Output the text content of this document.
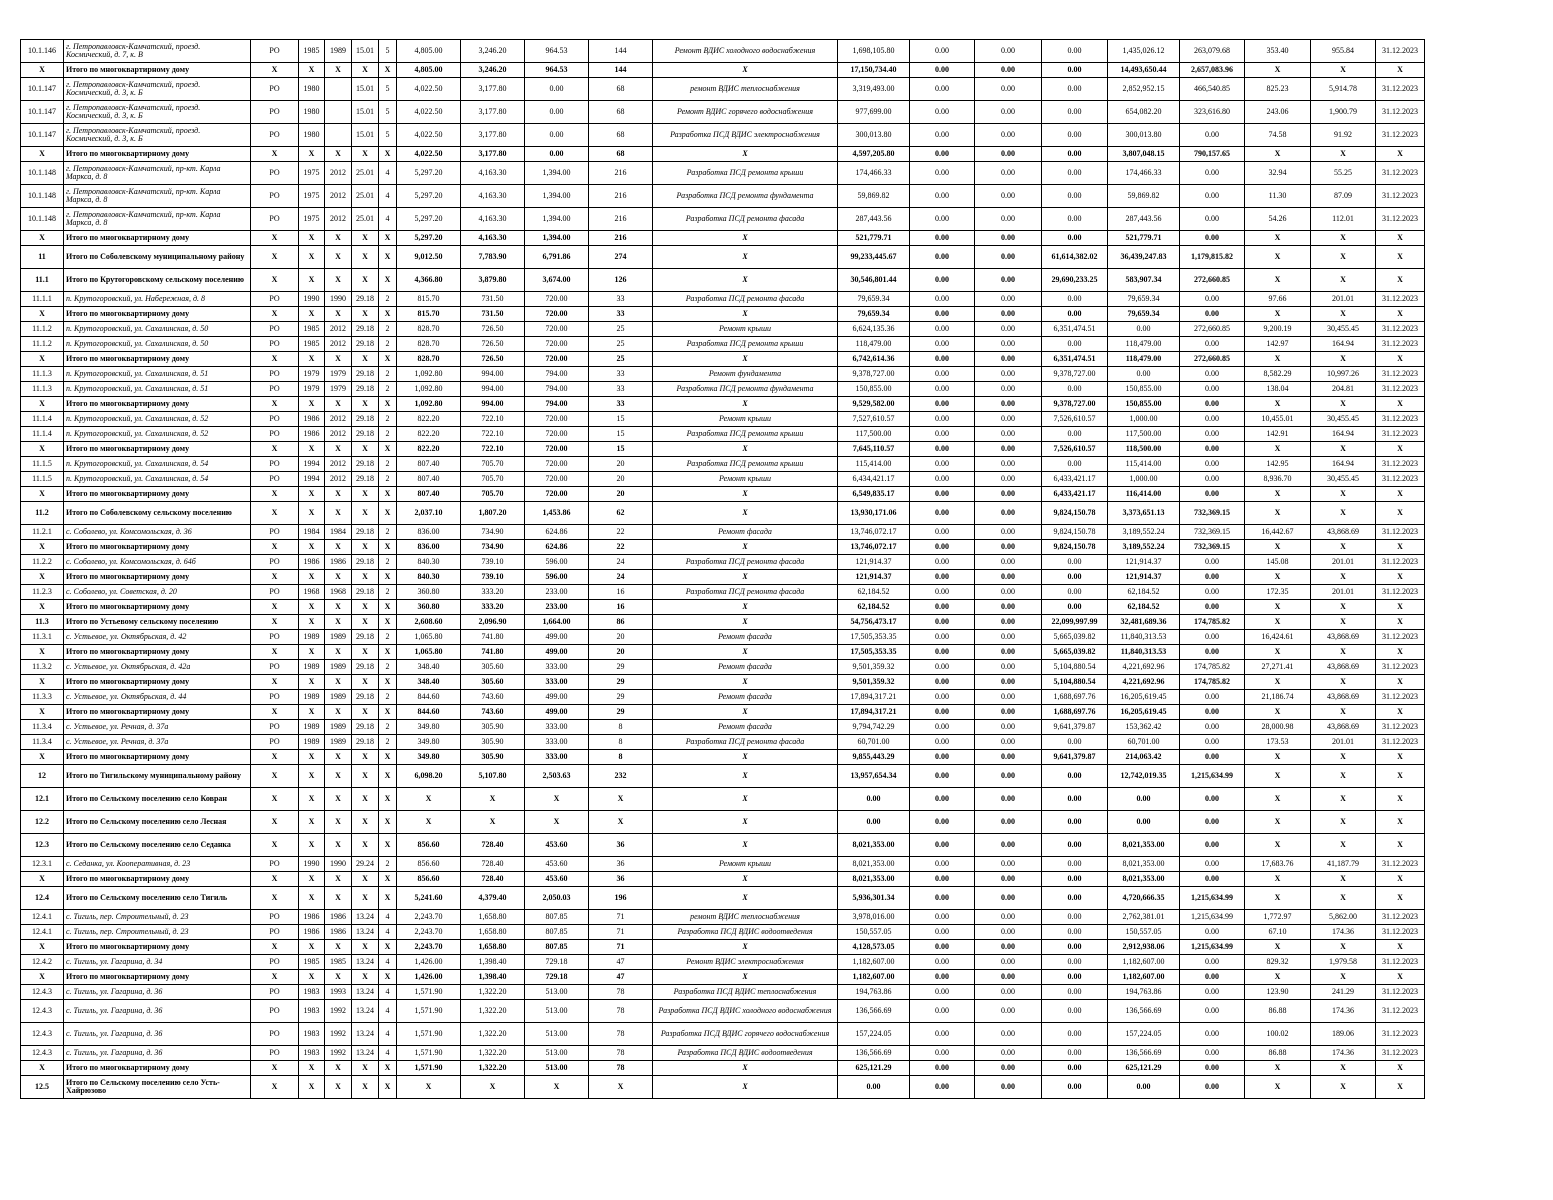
10.1.146	г. Петропавловск-Камчатский, проезд. Космический, д. 7, к. В	РО	1985	1989	15.01	5	4,805.00	3,246.20	964.53	144	Ремонт ВДИС холодного водоснабжения	1,698,105.80	0.00	0.00	0.00	1,435,026.12	263,079.68	353.40	955.84	31.12.2023
X	Итого по многоквартирному дому	X	X	X	X	X	4,805.00	3,246.20	964.53	144	X	17,150,734.40	0.00	0.00	0.00	14,493,650.44	2,657,083.96	X	X	X
10.1.147	г. Петропавловск-Камчатский, проезд. Космический, д. 3, к. Б	РО	1980		15.01	5	4,022.50	3,177.80	0.00	68	ремонт ВДИС теплоснабжения	3,319,493.00	0.00	0.00	0.00	2,852,952.15	466,540.85	825.23	5,914.78	31.12.2023
10.1.147	г. Петропавловск-Камчатский, проезд. Космический, д. 3, к. Б	РО	1980		15.01	5	4,022.50	3,177.80	0.00	68	Ремонт ВДИС горячего водоснабжения	977,699.00	0.00	0.00	0.00	654,082.20	323,616.80	243.06	1,900.79	31.12.2023
10.1.147	г. Петропавловск-Камчатский, проезд. Космический, д. 3, к. Б	РО	1980		15.01	5	4,022.50	3,177.80	0.00	68	Разработка ПСД ВДИС электроснабжения	300,013.80	0.00	0.00	0.00	300,013.80	0.00	74.58	91.92	31.12.2023
X	Итого по многоквартирному дому	X	X	X	X	X	4,022.50	3,177.80	0.00	68	X	4,597,205.80	0.00	0.00	0.00	3,807,048.15	790,157.65	X	X	X
10.1.148	г. Петропавловск-Камчатский, пр-кт. Карла Маркса, д. 8	РО	1975	2012	25.01	4	5,297.20	4,163.30	1,394.00	216	Разработка ПСД ремонта крыши	174,466.33	0.00	0.00	0.00	174,466.33	0.00	32.94	55.25	31.12.2023
10.1.148	г. Петропавловск-Камчатский, пр-кт. Карла Маркса, д. 8	РО	1975	2012	25.01	4	5,297.20	4,163.30	1,394.00	216	Разработка ПСД ремонта фундамента	59,869.82	0.00	0.00	0.00	59,869.82	0.00	11.30	87.09	31.12.2023
10.1.148	г. Петропавловск-Камчатский, пр-кт. Карла Маркса, д. 8	РО	1975	2012	25.01	4	5,297.20	4,163.30	1,394.00	216	Разработка ПСД ремонта фасада	287,443.56	0.00	0.00	0.00	287,443.56	0.00	54.26	112.01	31.12.2023
X	Итого по многоквартирному дому	X	X	X	X	X	5,297.20	4,163.30	1,394.00	216	X	521,779.71	0.00	0.00	0.00	521,779.71	0.00	X	X	X
11	Итого по Соболевскому муниципальному району	X	X	X	X	X	9,012.50	7,783.90	6,791.86	274	X	99,233,445.67	0.00	0.00	61,614,382.02	36,439,247.83	1,179,815.82	X	X	X
11.1	Итого по Крутогоровскому сельскому поселению	X	X	X	X	X	4,366.80	3,879.80	3,674.00	126	X	30,546,801.44	0.00	0.00	29,690,233.25	583,907.34	272,660.85	X	X	X
11.1.1	п. Крутогоровский, ул. Набережная, д. 8	РО	1990	1990	29.18	2	815.70	731.50	720.00	33	Разработка ПСД ремонта фасада	79,659.34	0.00	0.00	0.00	79,659.34	0.00	97.66	201.01	31.12.2023
X	Итого по многоквартирному дому	X	X	X	X	X	815.70	731.50	720.00	33	X	79,659.34	0.00	0.00	0.00	79,659.34	0.00	X	X	X
11.1.2	п. Крутогоровский, ул. Сахалинская, д. 50	РО	1985	2012	29.18	2	828.70	726.50	720.00	25	Ремонт крыши	6,624,135.36	0.00	0.00	6,351,474.51	0.00	272,660.85	9,200.19	30,455.45	31.12.2023
11.1.2	п. Крутогоровский, ул. Сахалинская, д. 50	РО	1985	2012	29.18	2	828.70	726.50	720.00	25	Разработка ПСД ремонта крыши	118,479.00	0.00	0.00	0.00	118,479.00	0.00	142.97	164.94	31.12.2023
X	Итого по многоквартирному дому	X	X	X	X	X	828.70	726.50	720.00	25	X	6,742,614.36	0.00	0.00	6,351,474.51	118,479.00	272,660.85	X	X	X
11.1.3	п. Крутогоровский, ул. Сахалинская, д. 51	РО	1979	1979	29.18	2	1,092.80	994.00	794.00	33	Ремонт фундамента	9,378,727.00	0.00	0.00	9,378,727.00	0.00	0.00	8,582.29	10,997.26	31.12.2023
11.1.3	п. Крутогоровский, ул. Сахалинская, д. 51	РО	1979	1979	29.18	2	1,092.80	994.00	794.00	33	Разработка ПСД ремонта фундамента	150,855.00	0.00	0.00	0.00	150,855.00	0.00	138.04	204.81	31.12.2023
X	Итого по многоквартирному дому	X	X	X	X	X	1,092.80	994.00	794.00	33	X	9,529,582.00	0.00	0.00	9,378,727.00	150,855.00	0.00	X	X	X
11.1.4	п. Крутогоровский, ул. Сахалинская, д. 52	РО	1986	2012	29.18	2	822.20	722.10	720.00	15	Ремонт крыши	7,527,610.57	0.00	0.00	7,526,610.57	1,000.00	0.00	10,455.01	30,455.45	31.12.2023
11.1.4	п. Крутогоровский, ул. Сахалинская, д. 52	РО	1986	2012	29.18	2	822.20	722.10	720.00	15	Разработка ПСД ремонта крыши	117,500.00	0.00	0.00	0.00	117,500.00	0.00	142.91	164.94	31.12.2023
X	Итого по многоквартирному дому	X	X	X	X	X	822.20	722.10	720.00	15	X	7,645,110.57	0.00	0.00	7,526,610.57	118,500.00	0.00	X	X	X
11.1.5	п. Крутогоровский, ул. Сахалинская, д. 54	РО	1994	2012	29.18	2	807.40	705.70	720.00	20	Разработка ПСД ремонта крыши	115,414.00	0.00	0.00	0.00	115,414.00	0.00	142.95	164.94	31.12.2023
11.1.5	п. Крутогоровский, ул. Сахалинская, д. 54	РО	1994	2012	29.18	2	807.40	705.70	720.00	20	Ремонт крыши	6,434,421.17	0.00	0.00	6,433,421.17	1,000.00	0.00	8,936.70	30,455.45	31.12.2023
X	Итого по многоквартирному дому	X	X	X	X	X	807.40	705.70	720.00	20	X	6,549,835.17	0.00	0.00	6,433,421.17	116,414.00	0.00	X	X	X
11.2	Итого по Соболевскому сельскому поселению	X	X	X	X	X	2,037.10	1,807.20	1,453.86	62	X	13,930,171.06	0.00	0.00	9,824,150.78	3,373,651.13	732,369.15	X	X	X
11.2.1	с. Соболево, ул. Комсомольская, д. 36	РО	1984	1984	29.18	2	836.00	734.90	624.86	22	Ремонт фасада	13,746,072.17	0.00	0.00	9,824,150.78	3,189,552.24	732,369.15	16,442.67	43,868.69	31.12.2023
X	Итого по многоквартирному дому	X	X	X	X	X	836.00	734.90	624.86	22	X	13,746,072.17	0.00	0.00	9,824,150.78	3,189,552.24	732,369.15	X	X	X
11.2.2	с. Соболево, ул. Комсомольская, д. 64б	РО	1986	1986	29.18	2	840.30	739.10	596.00	24	Разработка ПСД ремонта фасада	121,914.37	0.00	0.00	0.00	121,914.37	0.00	145.08	201.01	31.12.2023
X	Итого по многоквартирному дому	X	X	X	X	X	840.30	739.10	596.00	24	X	121,914.37	0.00	0.00	0.00	121,914.37	0.00	X	X	X
11.2.3	с. Соболево, ул. Советская, д. 20	РО	1968	1968	29.18	2	360.80	333.20	233.00	16	Разработка ПСД ремонта фасада	62,184.52	0.00	0.00	0.00	62,184.52	0.00	172.35	201.01	31.12.2023
X	Итого по многоквартирному дому	X	X	X	X	X	360.80	333.20	233.00	16	X	62,184.52	0.00	0.00	0.00	62,184.52	0.00	X	X	X
11.3	Итого по Устьевому сельскому поселению	X	X	X	X	X	2,608.60	2,096.90	1,664.00	86	X	54,756,473.17	0.00	0.00	22,099,997.99	32,481,689.36	174,785.82	X	X	X
11.3.1	с. Устьевое, ул. Октябрьская, д. 42	РО	1989	1989	29.18	2	1,065.80	741.80	499.00	20	Ремонт фасада	17,505,353.35	0.00	0.00	5,665,039.82	11,840,313.53	0.00	16,424.61	43,868.69	31.12.2023
X	Итого по многоквартирному дому	X	X	X	X	X	1,065.80	741.80	499.00	20	X	17,505,353.35	0.00	0.00	5,665,039.82	11,840,313.53	0.00	X	X	X
11.3.2	с. Устьевое, ул. Октябрьская, д. 42а	РО	1989	1989	29.18	2	348.40	305.60	333.00	29	Ремонт фасада	9,501,359.32	0.00	0.00	5,104,880.54	4,221,692.96	174,785.82	27,271.41	43,868.69	31.12.2023
X	Итого по многоквартирному дому	X	X	X	X	X	348.40	305.60	333.00	29	X	9,501,359.32	0.00	0.00	5,104,880.54	4,221,692.96	174,785.82	X	X	X
11.3.3	с. Устьевое, ул. Октябрьская, д. 44	РО	1989	1989	29.18	2	844.60	743.60	499.00	29	Ремонт фасада	17,894,317.21	0.00	0.00	1,688,697.76	16,205,619.45	0.00	21,186.74	43,868.69	31.12.2023
X	Итого по многоквартирному дому	X	X	X	X	X	844.60	743.60	499.00	29	X	17,894,317.21	0.00	0.00	1,688,697.76	16,205,619.45	0.00	X	X	X
11.3.4	с. Устьевое, ул. Речная, д. 37а	РО	1989	1989	29.18	2	349.80	305.90	333.00	8	Ремонт фасада	9,794,742.29	0.00	0.00	9,641,379.87	153,362.42	0.00	28,000.98	43,868.69	31.12.2023
11.3.4	с. Устьевое, ул. Речная, д. 37а	РО	1989	1989	29.18	2	349.80	305.90	333.00	8	Разработка ПСД ремонта фасада	60,701.00	0.00	0.00	0.00	60,701.00	0.00	173.53	201.01	31.12.2023
X	Итого по многоквартирному дому	X	X	X	X	X	349.80	305.90	333.00	8	X	9,855,443.29	0.00	0.00	9,641,379.87	214,063.42	0.00	X	X	X
12	Итого по Тигильскому муниципальному району	X	X	X	X	X	6,098.20	5,107.80	2,503.63	232	X	13,957,654.34	0.00	0.00	0.00	12,742,019.35	1,215,634.99	X	X	X
12.1	Итого по Сельскому поселению село Ковран	X	X	X	X	X	X	X	X	X	X	0.00	0.00	0.00	0.00	0.00	0.00	X	X	X
12.2	Итого по Сельскому поселению село Лесная	X	X	X	X	X	X	X	X	X	X	0.00	0.00	0.00	0.00	0.00	0.00	X	X	X
12.3	Итого по Сельскому поселению село Седанка	X	X	X	X	X	856.60	728.40	453.60	36	X	8,021,353.00	0.00	0.00	0.00	8,021,353.00	0.00	X	X	X
12.3.1	с. Седанка, ул. Кооперативная, д. 23	РО	1990	1990	29.24	2	856.60	728.40	453.60	36	Ремонт крыши	8,021,353.00	0.00	0.00	0.00	8,021,353.00	0.00	17,683.76	41,187.79	31.12.2023
X	Итого по многоквартирному дому	X	X	X	X	X	856.60	728.40	453.60	36	X	8,021,353.00	0.00	0.00	0.00	8,021,353.00	0.00	X	X	X
12.4	Итого по Сельскому поселению село Тигиль	X	X	X	X	X	5,241.60	4,379.40	2,050.03	196	X	5,936,301.34	0.00	0.00	0.00	4,720,666.35	1,215,634.99	X	X	X
12.4.1	с. Тигиль, пер. Строительный, д. 23	РО	1986	1986	13.24	4	2,243.70	1,658.80	807.85	71	ремонт ВДИС теплоснабжения	3,978,016.00	0.00	0.00	0.00	2,762,381.01	1,215,634.99	1,772.97	5,862.00	31.12.2023
12.4.1	с. Тигиль, пер. Строительный, д. 23	РО	1986	1986	13.24	4	2,243.70	1,658.80	807.85	71	Разработка ПСД ВДИС водоотведения	150,557.05	0.00	0.00	0.00	150,557.05	0.00	67.10	174.36	31.12.2023
X	Итого по многоквартирному дому	X	X	X	X	X	2,243.70	1,658.80	807.85	71	X	4,128,573.05	0.00	0.00	0.00	2,912,938.06	1,215,634.99	X	X	X
12.4.2	с. Тигиль, ул. Гагарина, д. 34	РО	1985	1985	13.24	4	1,426.00	1,398.40	729.18	47	Ремонт ВДИС электроснабжения	1,182,607.00	0.00	0.00	0.00	1,182,607.00	0.00	829.32	1,979.58	31.12.2023
X	Итого по многоквартирному дому	X	X	X	X	X	1,426.00	1,398.40	729.18	47	X	1,182,607.00	0.00	0.00	0.00	1,182,607.00	0.00	X	X	X
12.4.3	с. Тигиль, ул. Гагарина, д. 36	РО	1983	1993	13.24	4	1,571.90	1,322.20	513.00	78	Разработка ПСД ВДИС теплоснабжения	194,763.86	0.00	0.00	0.00	194,763.86	0.00	123.90	241.29	31.12.2023
12.4.3	с. Тигиль, ул. Гагарина, д. 36	РО	1983	1992	13.24	4	1,571.90	1,322.20	513.00	78	Разработка ПСД ВДИС холодного водоснабжения	136,566.69	0.00	0.00	0.00	136,566.69	0.00	86.88	174.36	31.12.2023
12.4.3	с. Тигиль, ул. Гагарина, д. 36	РО	1983	1992	13.24	4	1,571.90	1,322.20	513.00	78	Разработка ПСД ВДИС горячего водоснабжения	157,224.05	0.00	0.00	0.00	157,224.05	0.00	100.02	189.06	31.12.2023
12.4.3	с. Тигиль, ул. Гагарина, д. 36	РО	1983	1992	13.24	4	1,571.90	1,322.20	513.00	78	Разработка ПСД ВДИС водоотведения	136,566.69	0.00	0.00	0.00	136,566.69	0.00	86.88	174.36	31.12.2023
X	Итого по многоквартирному дому	X	X	X	X	X	1,571.90	1,322.20	513.00	78	X	625,121.29	0.00	0.00	0.00	625,121.29	0.00	X	X	X
12.5	Итого по Сельскому поселению село Усть-Хайрюзово	X	X	X	X	X	X	X	X	X	X	0.00	0.00	0.00	0.00	0.00	0.00	X	X	X
